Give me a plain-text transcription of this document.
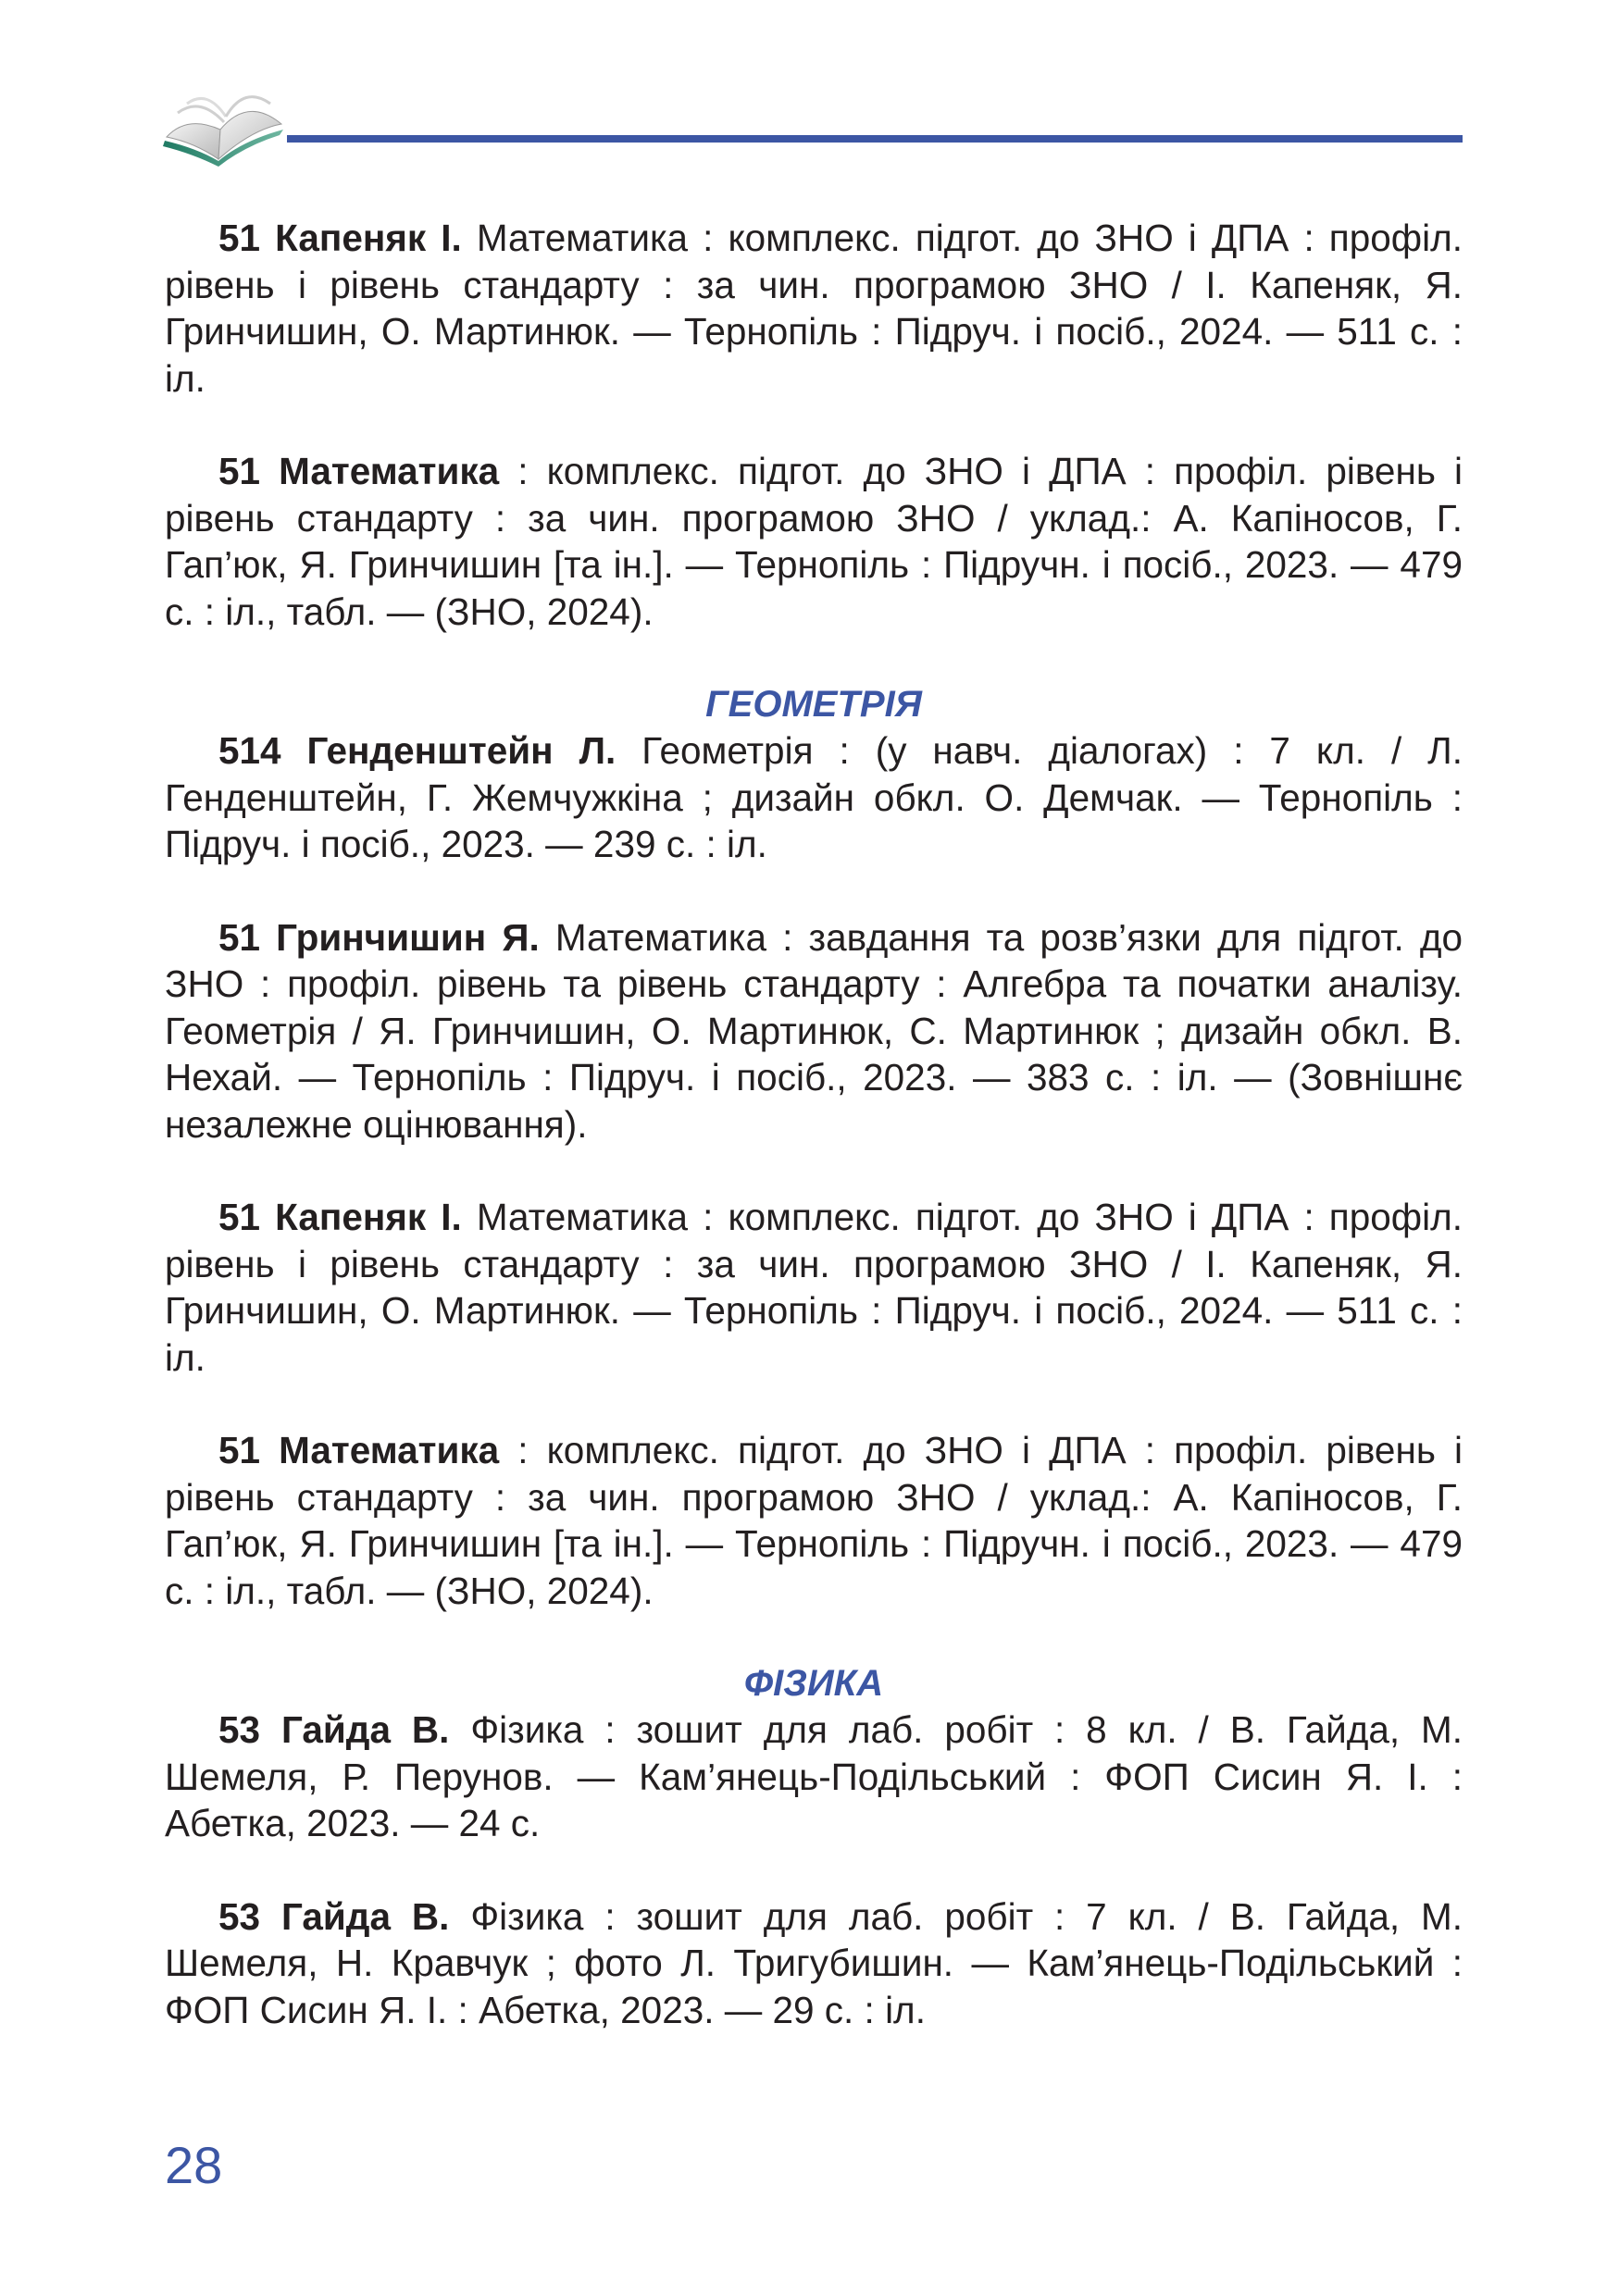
51 Капеняк І. Математика : комплекс. підгот. до ЗНО і ДПА : профіл. рівень і рівень стандарту : за чин. програмою ЗНО / І. Капеняк, Я. Гринчишин, О. Мартинюк. — Тернопіль : Підруч. і посіб., 2024. — 511 с. : іл.

51 Математика : комплекс. підгот. до ЗНО і ДПА : профіл. рівень і рівень стандарту : за чин. програмою ЗНО / уклад.: А. Капіносов, Г. Гап’юк, Я. Гринчишин [та ін.]. — Тернопіль : Підручн. і посіб., 2023. — 479 с. : іл., табл. — (ЗНО, 2024).

ГЕОМЕТРІЯ

514 Генденштейн Л. Геометрія : (у навч. діалогах) : 7 кл. / Л. Генденштейн, Г. Жемчужкіна ; дизайн обкл. О. Демчак. — Тернопіль : Підруч. і посіб., 2023. — 239 с. : іл.

51 Гринчишин Я. Математика : завдання та розв’язки для підгот. до ЗНО : профіл. рівень та рівень стандарту : Алгебра та початки аналізу. Геометрія / Я. Гринчишин, О. Мартинюк, С. Мартинюк ; дизайн обкл. В. Нехай. — Тернопіль : Підруч. і посіб., 2023. — 383 с. : іл. — (Зовнішнє незалежне оцінювання).

51 Капеняк І. Математика : комплекс. підгот. до ЗНО і ДПА : профіл. рівень і рівень стандарту : за чин. програмою ЗНО / І. Капеняк, Я. Гринчишин, О. Мартинюк. — Тернопіль : Підруч. і посіб., 2024. — 511 с. : іл.

51 Математика : комплекс. підгот. до ЗНО і ДПА : профіл. рівень і рівень стандарту : за чин. програмою ЗНО / уклад.: А. Капіносов, Г. Гап’юк, Я. Гринчишин [та ін.]. — Тернопіль : Підручн. і посіб., 2023. — 479 с. : іл., табл. — (ЗНО, 2024).

ФІЗИКА

53 Гайда В. Фізика : зошит для лаб. робіт : 8 кл. / В. Гайда, М. Шемеля, Р. Перунов. — Кам’янець-Подільський : ФОП Сисин Я. І. : Абетка, 2023. — 24 с.

53 Гайда В. Фізика : зошит для лаб. робіт : 7 кл. / В. Гайда, М. Шемеля, Н. Кравчук ; фото Л. Тригубишин. — Кам’янець-Подільський : ФОП Сисин Я. І. : Абетка, 2023. — 29 с. : іл.

28
